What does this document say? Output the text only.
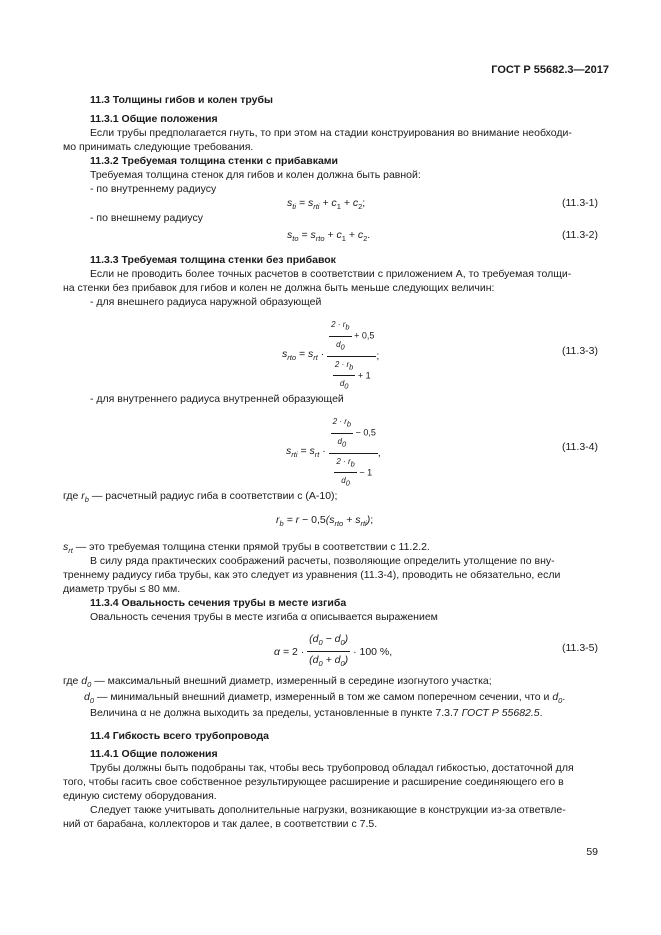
ГОСТ Р 55682.3—2017
11.3 Толщины гибов и колен трубы
11.3.1 Общие положения
Если трубы предполагается гнуть, то при этом на стадии конструирования во внимание необходи-
мо принимать следующие требования.
11.3.2 Требуемая толщина стенки с прибавками
Требуемая толщина стенок для гибов и колен должна быть равной:
- по внутреннему радиусу
$s_{ti} = s_{rti} + c_1 + c_2$;	(11.3-1)
- по внешнему радиусу
$s_{to} = s_{rto} + c_1 + c_2$.	(11.3-2)
11.3.3 Требуемая толщина стенки без прибавок
Если не проводить более точных расчетов в соответствии с приложением А, то требуемая толщи-
на стенки без прибавок для гибов и колен не должна быть меньше следующих величин:
- для внешнего радиуса наружной образующей
$s_{rto} = s_{rt} \cdot \frac{\frac{2 \cdot r_b}{d_0} + 0,5}{\frac{2 \cdot r_b}{d_0} + 1}$ ;	(11.3-3)
- для внутреннего радиуса внутренней образующей
$s_{rti} = s_{rt} \cdot \frac{\frac{2 \cdot r_b}{d_0} - 0,5}{\frac{2 \cdot r_b}{d_0} - 1}$ ,	(11.3-4)
где $r_b$ — расчетный радиус гиба в соответствии с (А-10);
$r_b = r - 0,5(s_{rto} + s_{rti})$;
$s_{rt}$ — это требуемая толщина стенки прямой трубы в соответствии с 11.2.2.
В силу ряда практических соображений расчеты, позволяющие определить утолщение по вну-
треннему радиусу гиба трубы, как это следует из уравнения (11.3-4), проводить не обязательно, если
диаметр трубы ≤ 80 мм.
11.3.4 Овальность сечения трубы в месте изгиба
Овальность сечения трубы в месте изгиба α описывается выражением
$\alpha = 2 \cdot \frac{(d_0 - d_0)}{(d_0 + d_0)} \cdot 100$ %,	(11.3-5)
где $d_0$ — максимальный внешний диаметр, измеренный в середине изогнутого участка;
$d_0$ — минимальный внешний диаметр, измеренный в том же самом поперечном сечении, что и $d_0$.
Величина α не должна выходить за пределы, установленные в пункте 7.3.7 ГОСТ Р 55682.5.
11.4 Гибкость всего трубопровода
11.4.1 Общие положения
Трубы должны быть подобраны так, чтобы весь трубопровод обладал гибкостью, достаточной для
того, чтобы гасить свое собственное результирующее расширение и расширение соединяющего его в
единую систему оборудования.
Следует также учитывать дополнительные нагрузки, возникающие в конструкции из-за ответвле-
ний от барабана, коллекторов и так далее, в соответствии с 7.5.
59
